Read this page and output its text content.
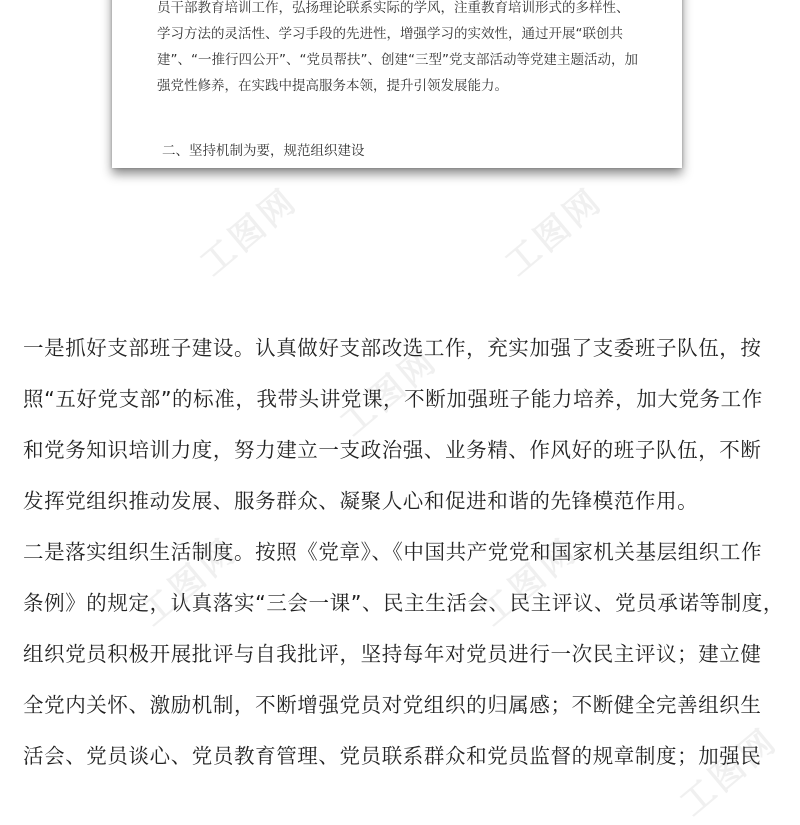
员干部教育培训工作，弘扬理论联系实际的学风，注重教育培训形式的多样性、

学习方法的灵活性、学习手段的先进性，增强学习的实效性，通过开展“联创共

建”、“一推行四公开”、“党员帮扶”、创建“三型”党支部活动等党建主题活动，加

强党性修养，在实践中提高服务本领，提升引领发展能力。

二、坚持机制为要，规范组织建设

工图网	工图网
工图网
工图网	工图网
工图网

一是抓好支部班子建设。认真做好支部改选工作，充实加强了支委班子队伍，按

照“五好党支部”的标准，我带头讲党课，不断加强班子能力培养，加大党务工作

和党务知识培训力度，努力建立一支政治强、业务精、作风好的班子队伍，不断

发挥党组织推动发展、服务群众、凝聚人心和促进和谐的先锋模范作用。

二是落实组织生活制度。按照《党章》、《中国共产党党和国家机关基层组织工作

条例》的规定，认真落实“三会一课”、民主生活会、民主评议、党员承诺等制度，

组织党员积极开展批评与自我批评，坚持每年对党员进行一次民主评议；建立健

全党内关怀、激励机制，不断增强党员对党组织的归属感；不断健全完善组织生

活会、党员谈心、党员教育管理、党员联系群众和党员监督的规章制度；加强民
